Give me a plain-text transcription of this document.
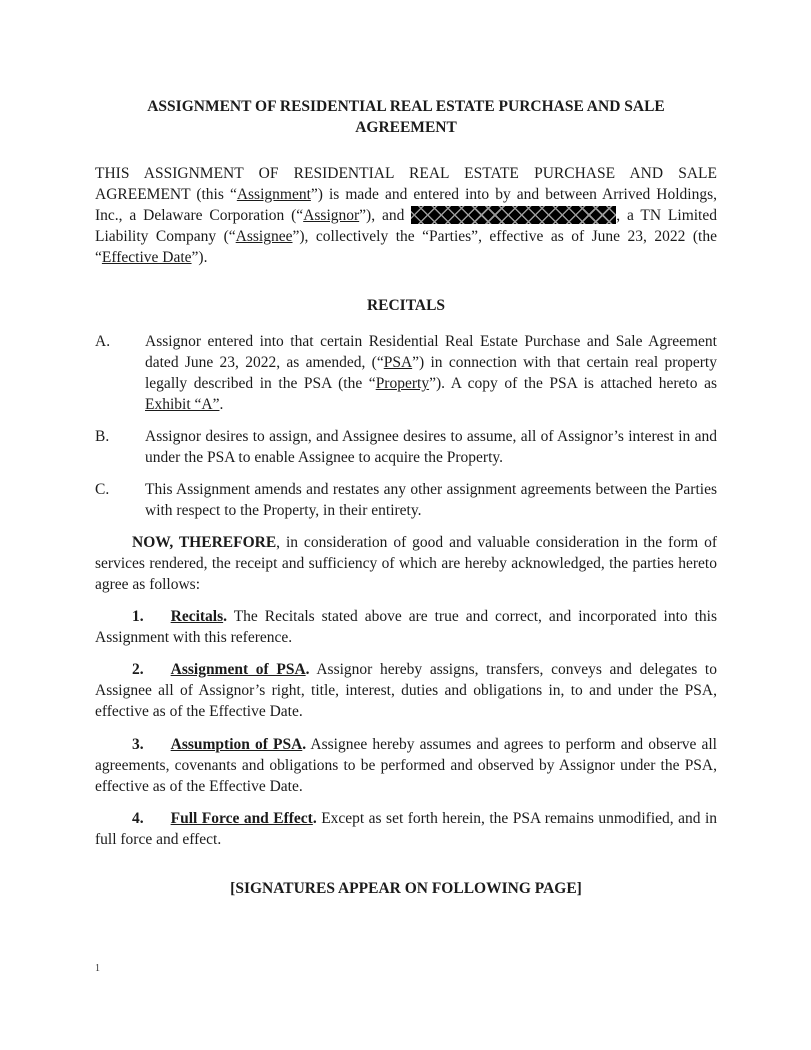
ASSIGNMENT OF RESIDENTIAL REAL ESTATE PURCHASE AND SALE AGREEMENT

THIS ASSIGNMENT OF RESIDENTIAL REAL ESTATE PURCHASE AND SALE AGREEMENT (this “Assignment”) is made and entered into by and between Arrived Holdings, Inc., a Delaware Corporation (“Assignor”), and	, a TN Limited Liability Company (“Assignee”), collectively the “Parties”, effective as of June 23, 2022 (the “Effective Date”).

RECITALS

A. Assignor entered into that certain Residential Real Estate Purchase and Sale Agreement dated June 23, 2022, as amended, (“PSA”) in connection with that certain real property legally described in the PSA (the “Property”). A copy of the PSA is attached hereto as Exhibit “A”.

B. Assignor desires to assign, and Assignee desires to assume, all of Assignor’s interest in and under the PSA to enable Assignee to acquire the Property.

C. This Assignment amends and restates any other assignment agreements between the Parties with respect to the Property, in their entirety.

NOW, THEREFORE, in consideration of good and valuable consideration in the form of services rendered, the receipt and sufficiency of which are hereby acknowledged, the parties hereto agree as follows:

1. Recitals. The Recitals stated above are true and correct, and incorporated into this Assignment with this reference.

2. Assignment of PSA. Assignor hereby assigns, transfers, conveys and delegates to Assignee all of Assignor’s right, title, interest, duties and obligations in, to and under the PSA, effective as of the Effective Date.

3. Assumption of PSA. Assignee hereby assumes and agrees to perform and observe all agreements, covenants and obligations to be performed and observed by Assignor under the PSA, effective as of the Effective Date.

4. Full Force and Effect. Except as set forth herein, the PSA remains unmodified, and in full force and effect.

[SIGNATURES APPEAR ON FOLLOWING PAGE]

1
